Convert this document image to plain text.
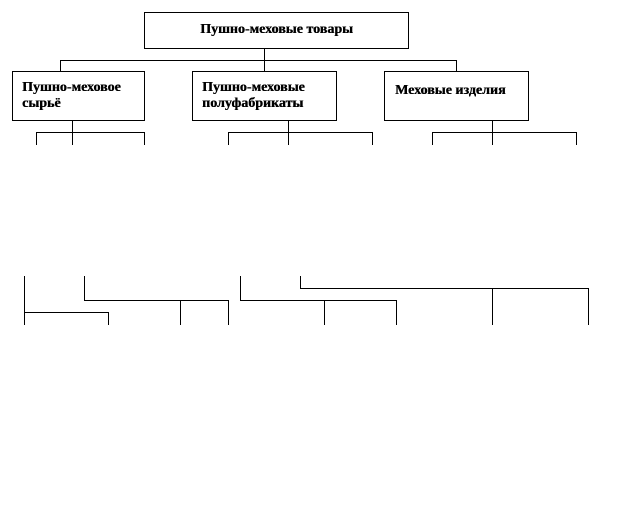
Пушно-меховые товары
Пушно-меховое сырьё
Пушно-меховые полуфабрикаты
Меховые изделия
